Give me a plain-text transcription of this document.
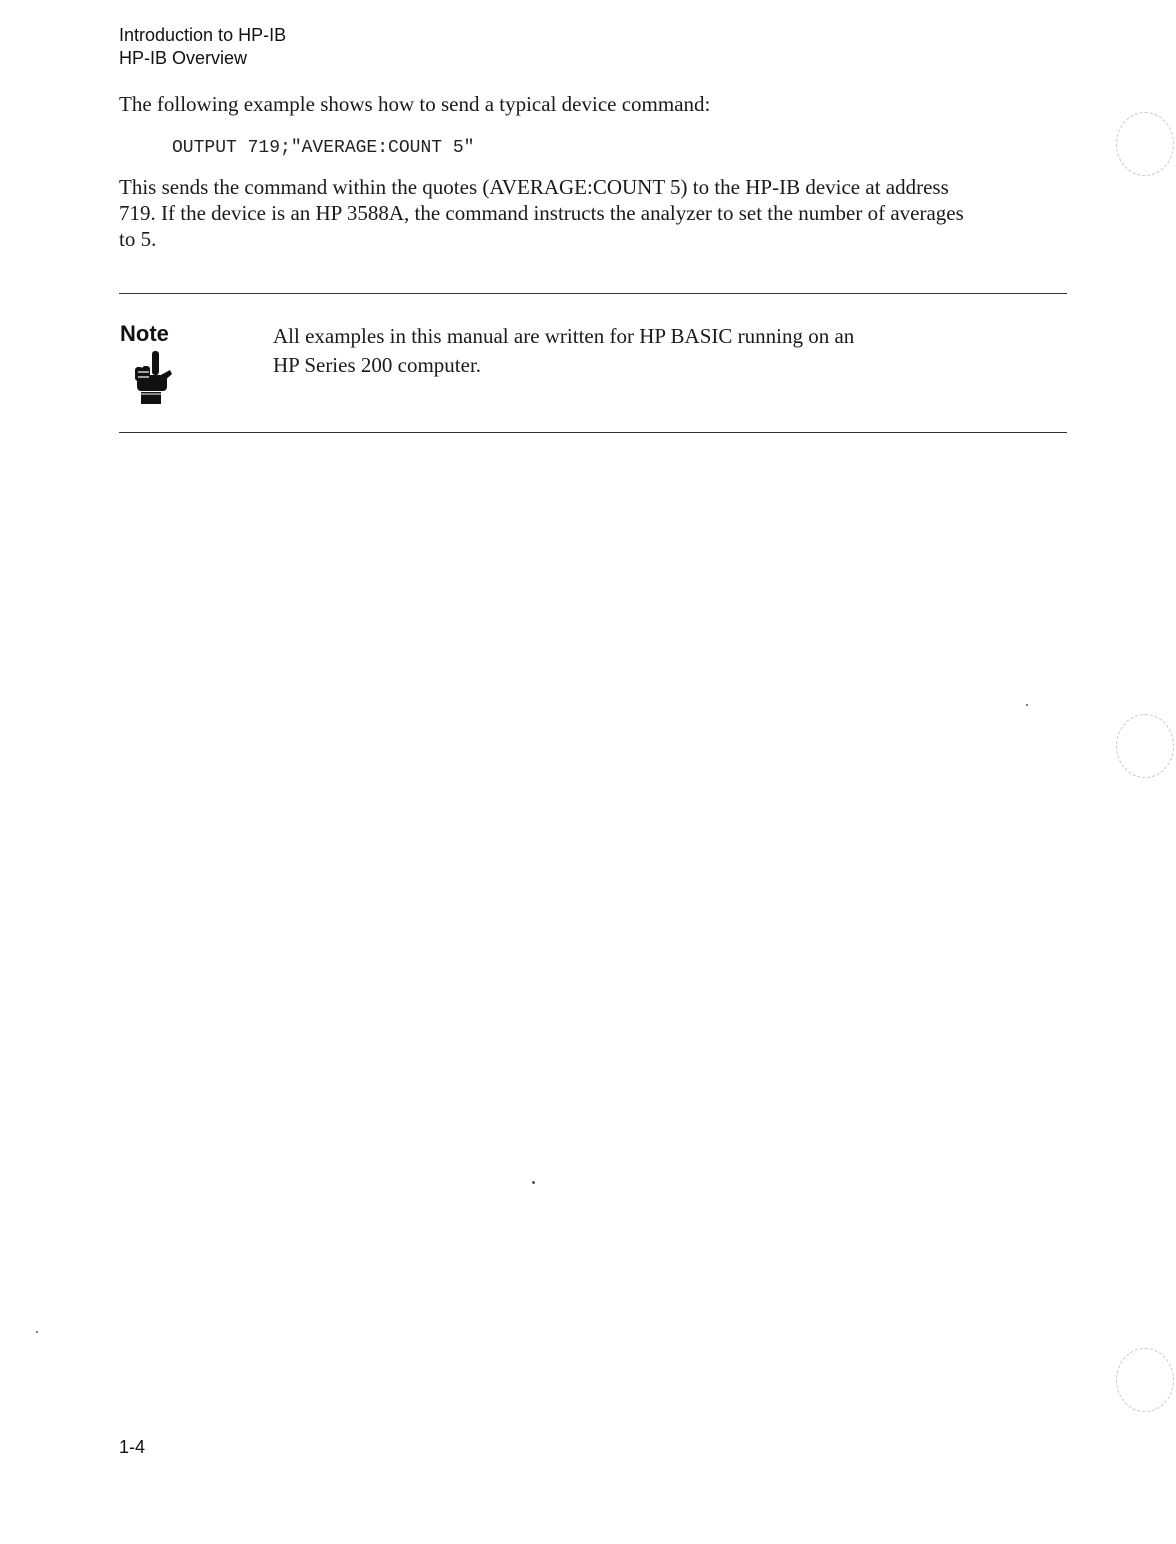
Introduction to HP-IB
HP-IB Overview
The following example shows how to send a typical device command:
OUTPUT 719;"AVERAGE:COUNT 5"
This sends the command within the quotes (AVERAGE:COUNT 5) to the HP-IB device at address
719. If the device is an HP 3588A, the command instructs the analyzer to set the number of averages
to 5.
Note	All examples in this manual are written for HP BASIC running on an
HP Series 200 computer.
1-4
